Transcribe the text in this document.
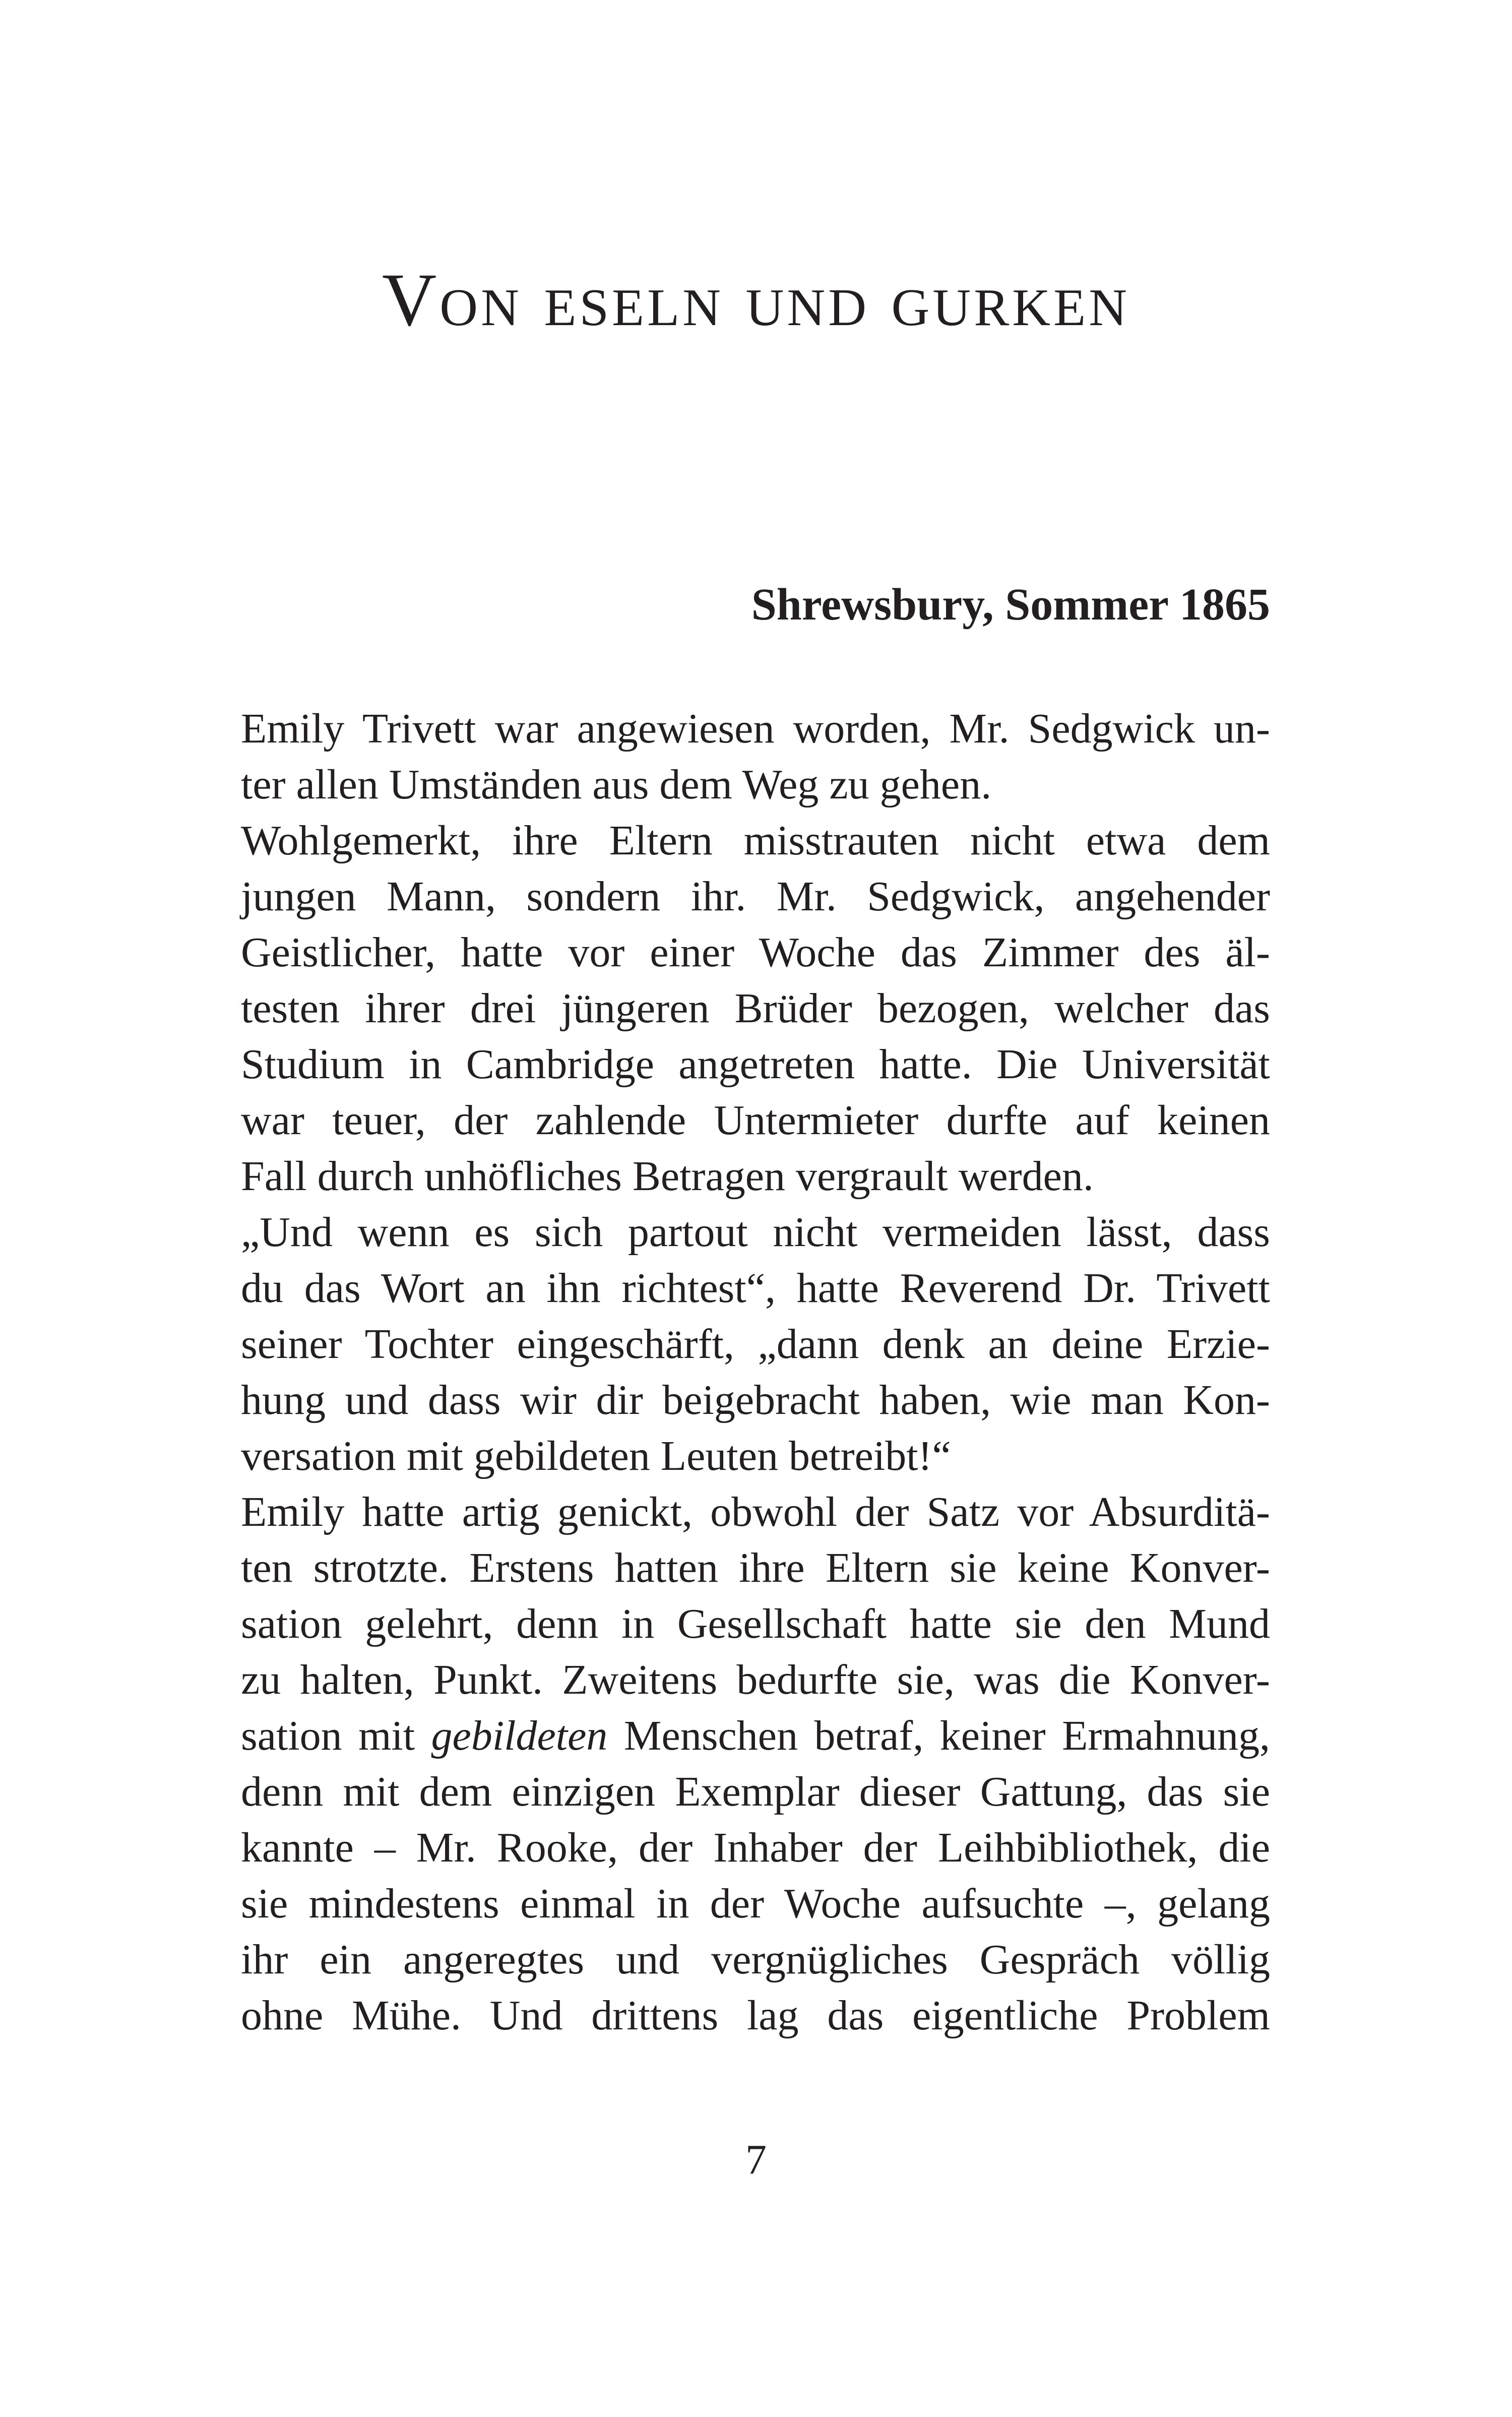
Von eseln und gurken

Shrewsbury, Sommer 1865

Emily Trivett war angewiesen worden, Mr. Sedgwick un-
ter allen Umständen aus dem Weg zu gehen.
Wohlgemerkt, ihre Eltern misstrauten nicht etwa dem
jungen Mann, sondern ihr. Mr. Sedgwick, angehender
Geistlicher, hatte vor einer Woche das Zimmer des äl-
testen ihrer drei jüngeren Brüder bezogen, welcher das
Studium in Cambridge angetreten hatte. Die Universität
war teuer, der zahlende Untermieter durfte auf keinen
Fall durch unhöfliches Betragen vergrault werden.
„Und wenn es sich partout nicht vermeiden lässt, dass
du das Wort an ihn richtest“, hatte Reverend Dr. Trivett
seiner Tochter eingeschärft, „dann denk an deine Erzie-
hung und dass wir dir beigebracht haben, wie man Kon-
versation mit gebildeten Leuten betreibt!“
Emily hatte artig genickt, obwohl der Satz vor Absurditä-
ten strotzte. Erstens hatten ihre Eltern sie keine Konver-
sation gelehrt, denn in Gesellschaft hatte sie den Mund
zu halten, Punkt. Zweitens bedurfte sie, was die Konver-
sation mit gebildeten Menschen betraf, keiner Ermahnung,
denn mit dem einzigen Exemplar dieser Gattung, das sie
kannte – Mr. Rooke, der Inhaber der Leihbibliothek, die
sie mindestens einmal in der Woche aufsuchte –, gelang
ihr ein angeregtes und vergnügliches Gespräch völlig
ohne Mühe. Und drittens lag das eigentliche Problem

7
